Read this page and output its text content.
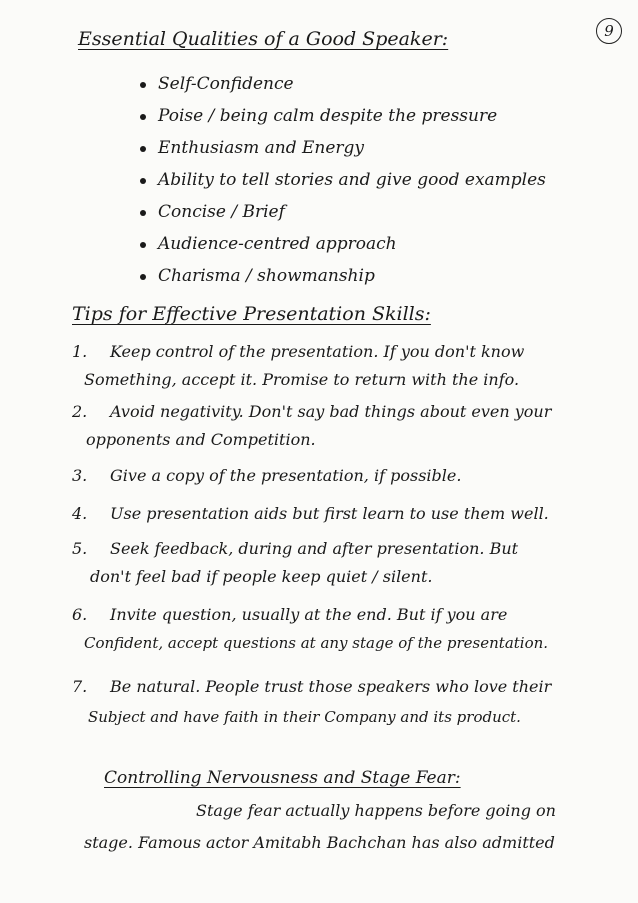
9
Essential Qualities of a Good Speaker:
Self-Confidence
Poise / being calm despite the pressure
Enthusiasm and Energy
Ability to tell stories and give good examples
Concise / Brief
Audience-centred approach
Charisma / showmanship
Tips for Effective Presentation Skills:
1. Keep control of the presentation. If you don't know
Something, accept it. Promise to return with the info.
2. Avoid negativity. Don't say bad things about even your
opponents and Competition.
3. Give a copy of the presentation, if possible.
4. Use presentation aids but first learn to use them well.
5. Seek feedback, during and after presentation. But
don't feel bad if people keep quiet / silent.
6. Invite question, usually at the end. But if you are
Confident, accept questions at any stage of the presentation.
7. Be natural. People trust those speakers who love their
Subject and have faith in their Company and its product.
Controlling Nervousness and Stage Fear:
Stage fear actually happens before going on
stage. Famous actor Amitabh Bachchan has also admitted
